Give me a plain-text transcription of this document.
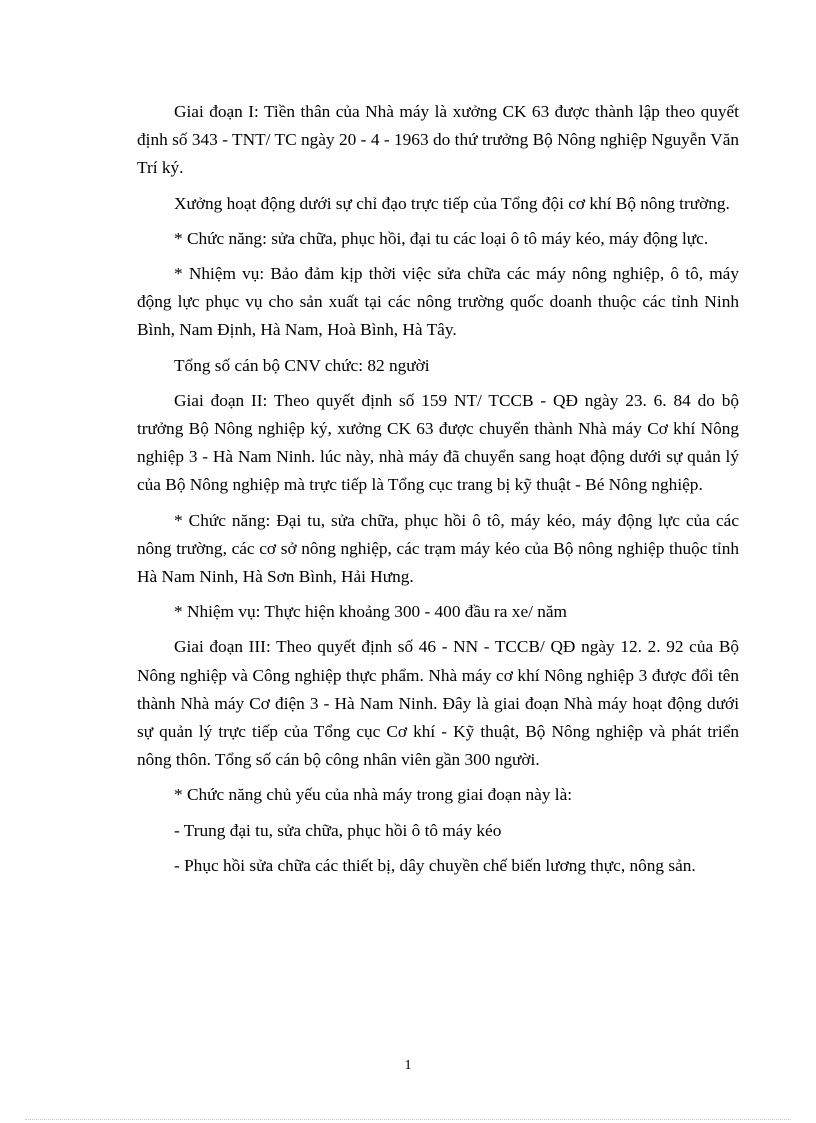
Giai đoạn I: Tiền thân của Nhà máy là xưởng CK 63 được thành lập theo quyết định số 343 - TNT/ TC ngày 20 - 4 - 1963 do thứ trưởng Bộ Nông nghiệp Nguyễn Văn Trí ký.

Xưởng hoạt động dưới sự chỉ đạo trực tiếp của Tổng đội cơ khí Bộ nông trường.

* Chức năng: sửa chữa, phục hồi, đại tu các loại ô tô máy kéo, máy động lực.

* Nhiệm vụ: Bảo đảm kịp thời việc sửa chữa các máy nông nghiệp, ô tô, máy động lực phục vụ cho sản xuất tại các nông trường quốc doanh thuộc các tỉnh Ninh Bình, Nam Định, Hà Nam, Hoà Bình, Hà Tây.

Tổng số cán bộ CNV chức: 82 người

Giai đoạn II: Theo quyết định số 159 NT/ TCCB - QĐ ngày 23. 6. 84 do bộ trưởng Bộ Nông nghiệp ký, xưởng CK 63 được chuyển thành Nhà máy Cơ khí Nông nghiệp 3 - Hà Nam Ninh. lúc này, nhà máy đã chuyển sang hoạt động dưới sự quản lý của Bộ Nông nghiệp mà trực tiếp là Tổng cục trang bị kỹ thuật - Bé Nông nghiệp.

* Chức năng: Đại tu, sửa chữa, phục hồi ô tô, máy kéo, máy động lực của các nông trường, các cơ sở nông nghiệp, các trạm máy kéo của Bộ nông nghiệp thuộc tỉnh Hà Nam Ninh, Hà Sơn Bình, Hải Hưng.

* Nhiệm vụ: Thực hiện khoảng 300 - 400 đầu ra xe/ năm

Giai đoạn III: Theo quyết định số 46 - NN - TCCB/ QĐ ngày 12. 2. 92 của Bộ Nông nghiệp và Công nghiệp thực phẩm. Nhà máy cơ khí Nông nghiệp 3 được đổi tên thành Nhà máy Cơ điện 3 - Hà Nam Ninh. Đây là giai đoạn Nhà máy hoạt động dưới sự quản lý trực tiếp của Tổng cục Cơ khí - Kỹ thuật, Bộ Nông nghiệp và phát triển nông thôn. Tổng số cán bộ công nhân viên gần 300 người.

* Chức năng chủ yếu của nhà máy trong giai đoạn này là:

- Trung đại tu, sửa chữa, phục hồi ô tô máy kéo

- Phục hồi sửa chữa các thiết bị, dây chuyền chế biến lương thực, nông sản.

1
